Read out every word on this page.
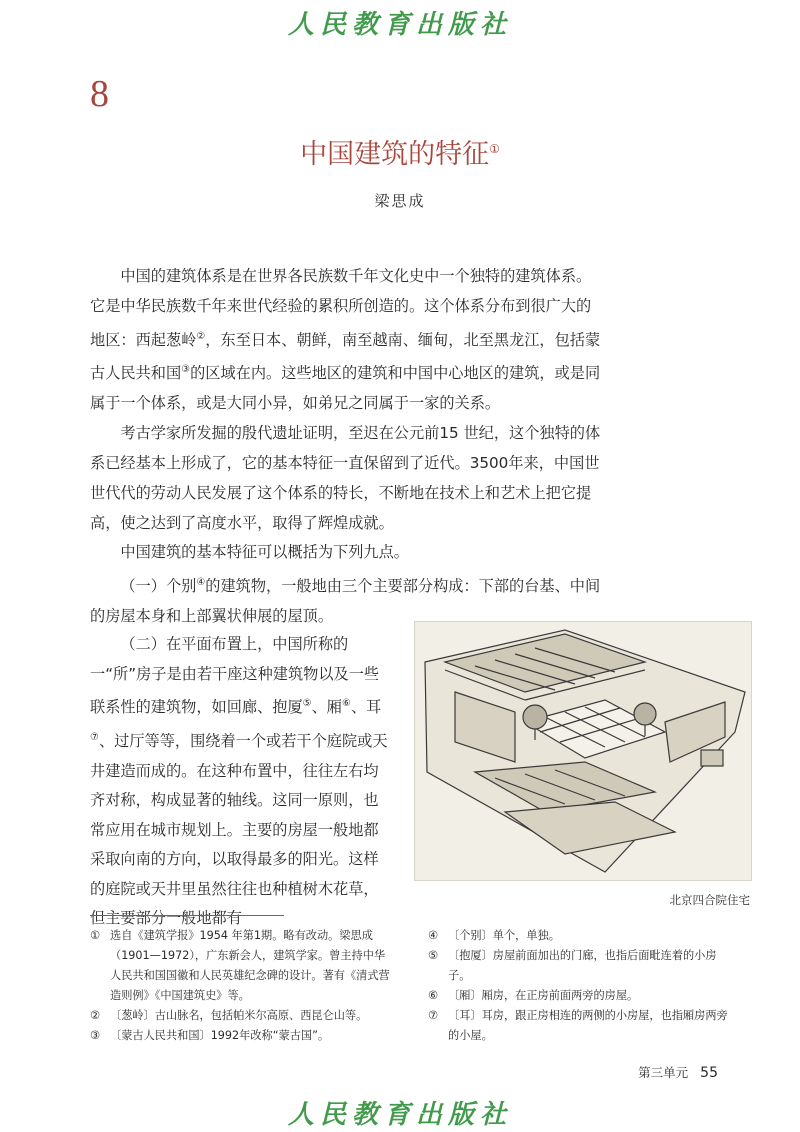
人民教育出版社
8
中国建筑的特征①
梁思成

中国的建筑体系是在世界各民族数千年文化史中一个独特的建筑体系。它是中华民族数千年来世代经验的累积所创造的。这个体系分布到很广大的地区：西起葱岭②，东至日本、朝鲜，南至越南、缅甸，北至黑龙江，包括蒙古人民共和国③的区域在内。这些地区的建筑和中国中心地区的建筑，或是同属于一个体系，或是大同小异，如弟兄之同属于一家的关系。

考古学家所发掘的殷代遗址证明，至迟在公元前15 世纪，这个独特的体系已经基本上形成了，它的基本特征一直保留到了近代。3500年来，中国世世代代的劳动人民发展了这个体系的特长，不断地在技术上和艺术上把它提高，使之达到了高度水平，取得了辉煌成就。

中国建筑的基本特征可以概括为下列九点。

（一）个别④的建筑物，一般地由三个主要部分构成：下部的台基、中间的房屋本身和上部翼状伸展的屋顶。

（二）在平面布置上，中国所称的一“所”房子是由若干座这种建筑物以及一些联系性的建筑物，如回廊、抱厦⑤、厢⑥、耳⑦、过厅等等，围绕着一个或若干个庭院或天井建造而成的。在这种布置中，往往左右均齐对称，构成显著的轴线。这同一原则，也常应用在城市规划上。主要的房屋一般地都采取向南的方向，以取得最多的阳光。这样的庭院或天井里虽然往往也种植树木花草，但主要部分一般地都有

北京四合院住宅
① 选自《建筑学报》1954 年第1期。略有改动。梁思成（1901—1972），广东新会人，建筑学家。曾主持中华人民共和国国徽和人民英雄纪念碑的设计。著有《清式营造则例》《中国建筑史》等。
② 〔葱岭〕古山脉名，包括帕米尔高原、西昆仑山等。
③ 〔蒙古人民共和国〕1992年改称“蒙古国”。
④ 〔个别〕单个，单独。
⑤ 〔抱厦〕房屋前面加出的门廊，也指后面毗连着的小房子。
⑥ 〔厢〕厢房，在正房前面两旁的房屋。
⑦ 〔耳〕耳房，跟正房相连的两侧的小房屋，也指厢房两旁的小屋。
第三单元 55
人民教育出版社
